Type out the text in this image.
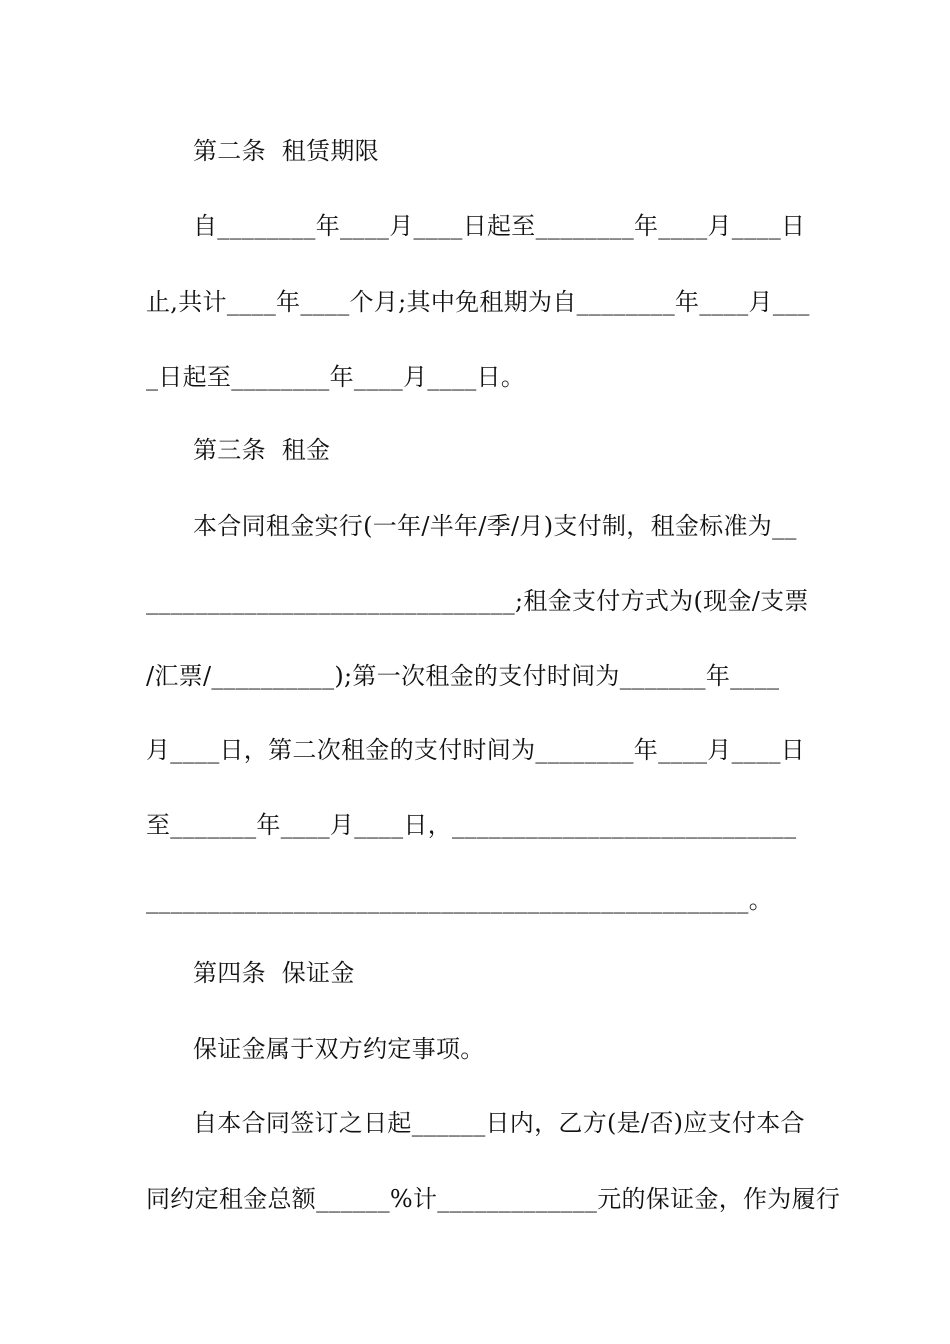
第二条  租赁期限
自________年____月____日起至________年____月____日
止,共计____年____个月;其中免租期为自________年____月___
_日起至________年____月____日。
第三条  租金
本合同租金实行(一年/半年/季/月)支付制，租金标准为__
______________________________;租金支付方式为(现金/支票
/汇票/__________);第一次租金的支付时间为_______年____
月____日，第二次租金的支付时间为________年____月____日
至_______年____月____日，____________________________
_________________________________________________。
第四条  保证金
保证金属于双方约定事项。
自本合同签订之日起______日内，乙方(是/否)应支付本合
同约定租金总额______%计_____________元的保证金，作为履行
